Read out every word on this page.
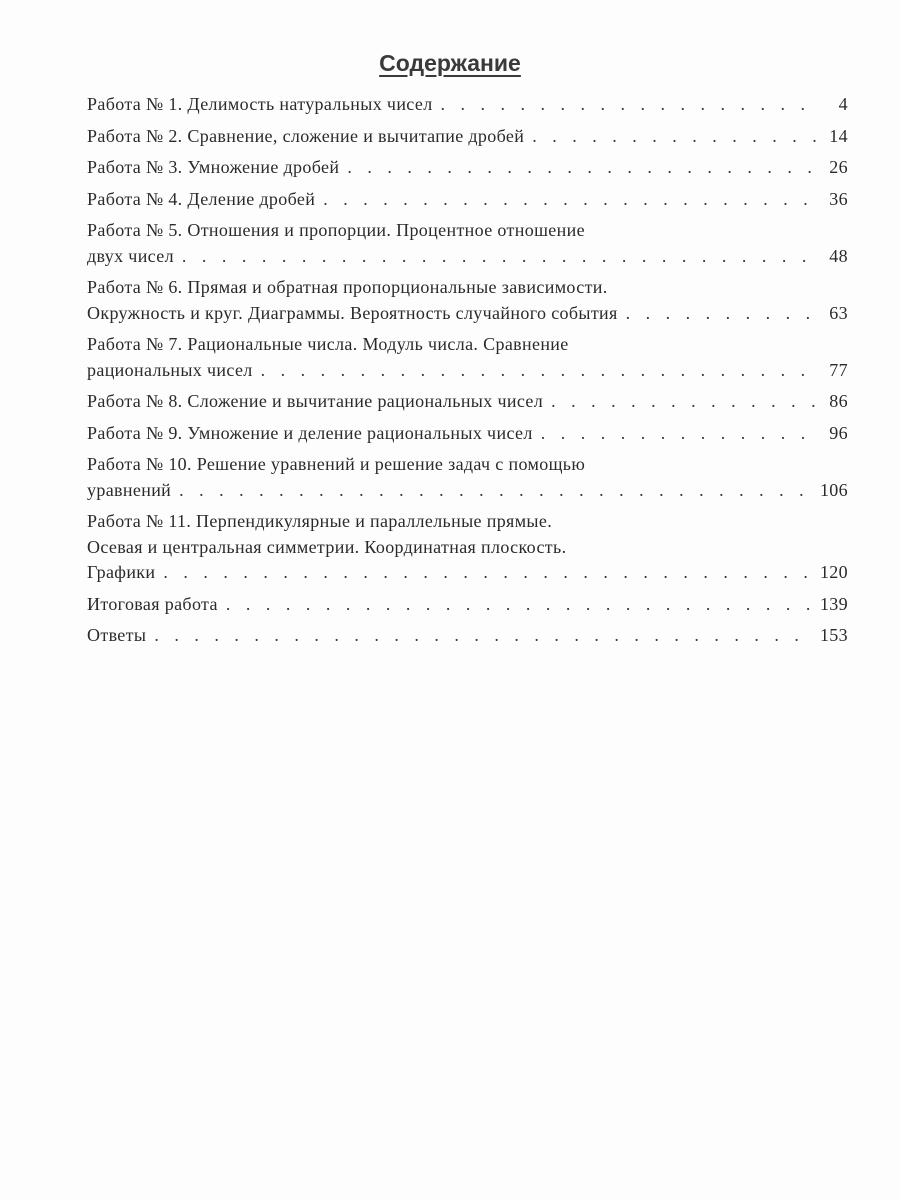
Содержание
Работа № 1. Делимость натуральных чисел . . .	4
Работа № 2. Сравнение, сложение и вычитапие дробей . . .	14
Работа № 3. Умножение дробей . . .	26
Работа № 4. Деление дробей . . .	36
Работа № 5. Отношения и пропорции. Процентное отношение
двух чисел . . .	48
Работа № 6. Прямая и обратная пропорциональные зависимости.
Окружность и круг. Диаграммы. Вероятность случайного события . . .	63
Работа № 7. Рациональные числа. Модуль числа. Сравнение
рациональных чисел . . .	77
Работа № 8. Сложение и вычитание рациональных чисел . . .	86
Работа № 9. Умножение и деление рациональных чисел . . .	96
Работа № 10. Решение уравнений и решение задач с помощью
уравнений . . .	106
Работа № 11. Перпендикулярные и параллельные прямые.
Осевая и центральная симметрии. Координатная плоскость.
Графики . . .	120
Итоговая работа . . .	139
Ответы . . .	153
